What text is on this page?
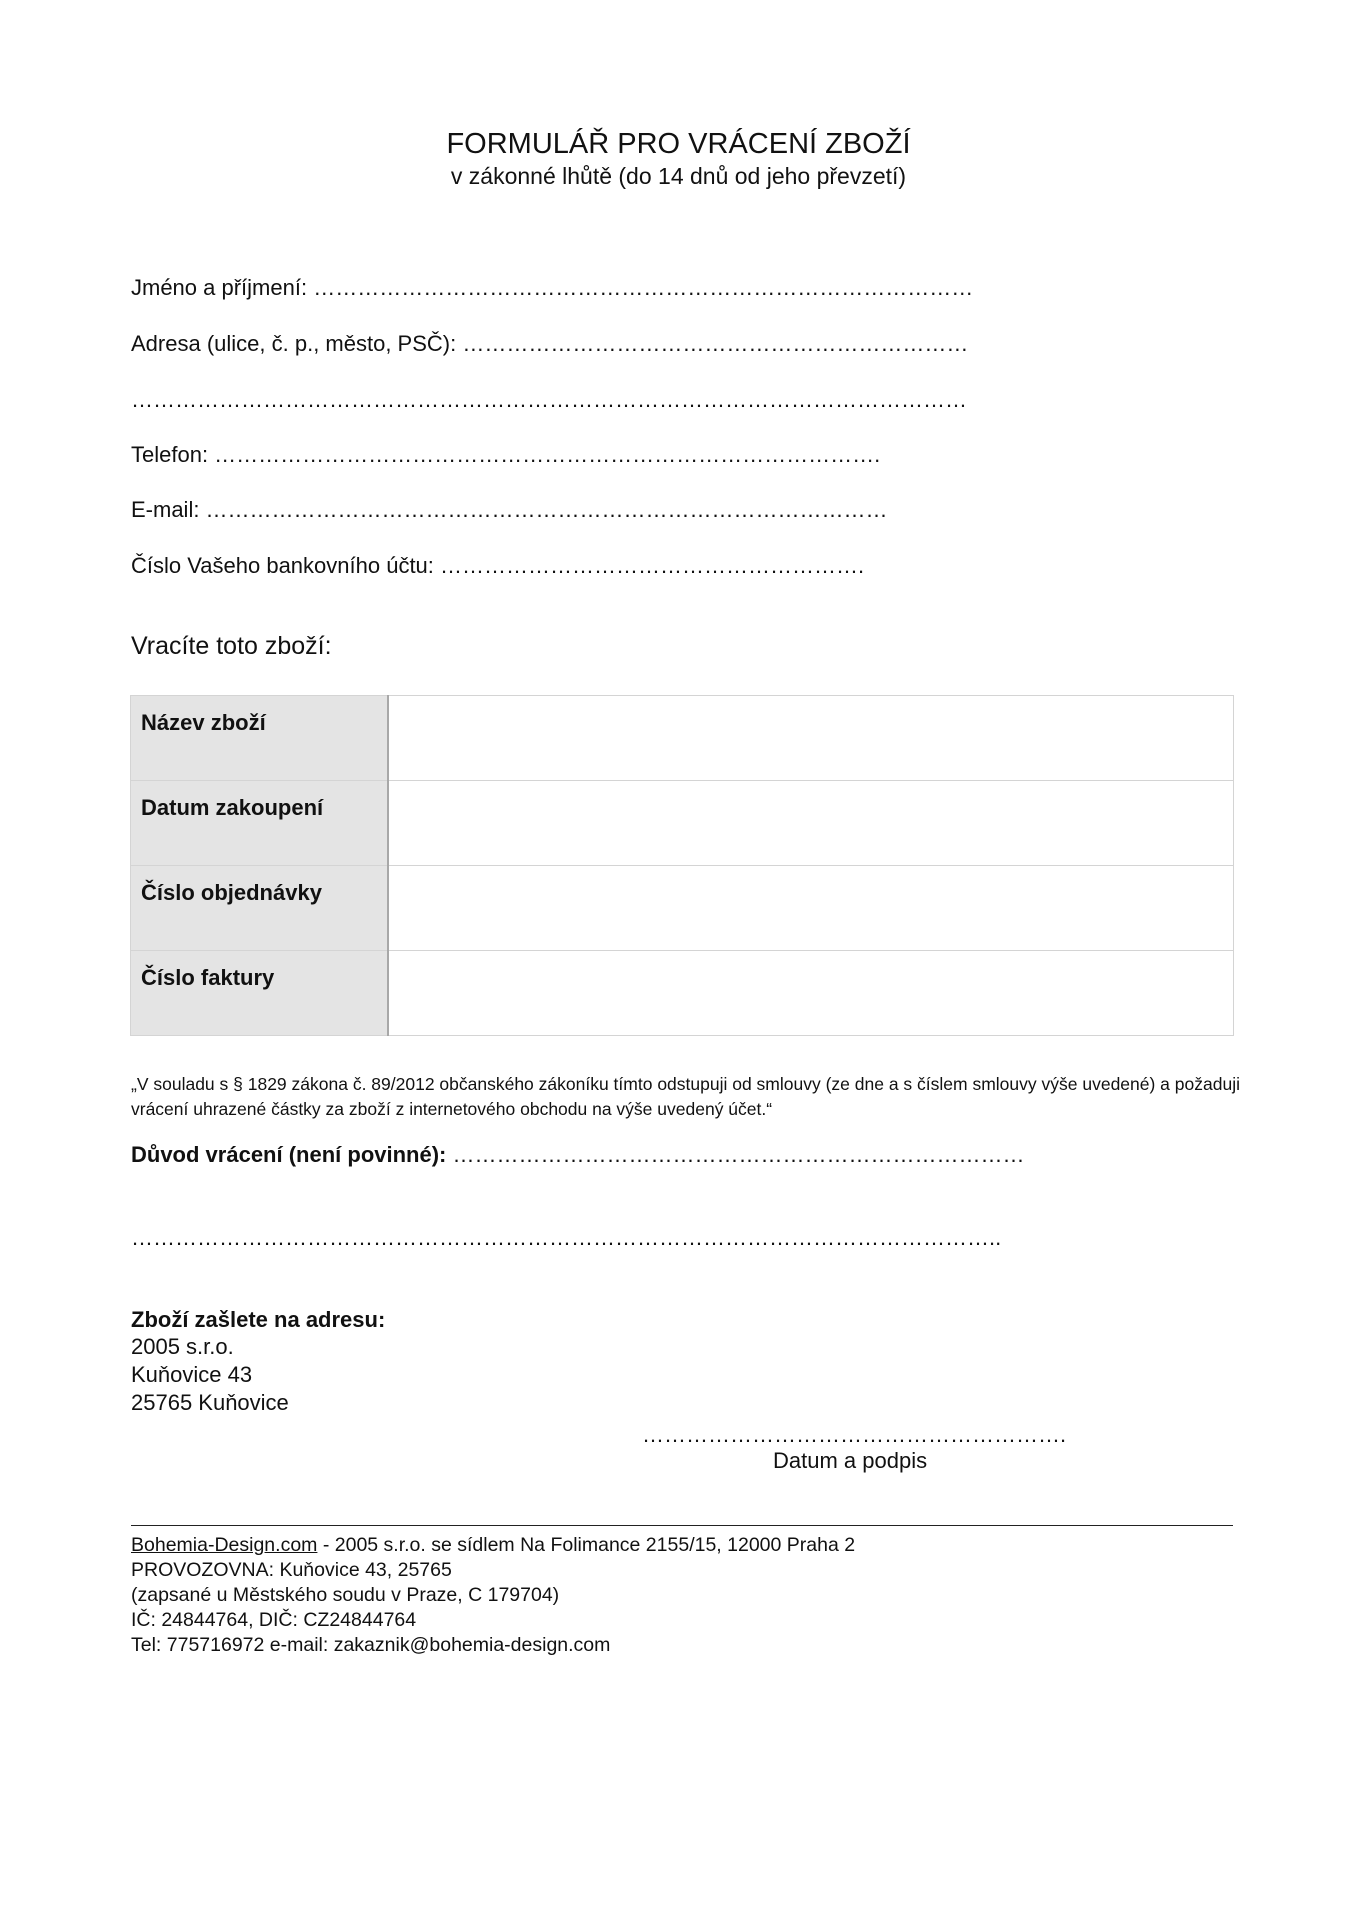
FORMULÁŘ PRO VRÁCENÍ ZBOŽÍ
v zákonné lhůtě (do 14 dnů od jeho převzetí)
Jméno a příjmení: ………………………………………………………………………………
Adresa (ulice, č. p., město, PSČ): ……………………………………………………………
……………………………………………………………………………………………………
Telefon: ……………………………………………………………………………….
E-mail: …………………………………………………………………………………
Číslo Vašeho bankovního účtu: ………………………………………………….
Vracíte toto zboží:
Název zboží	
Datum zakoupení	
Číslo objednávky	
Číslo faktury	
„V souladu s § 1829 zákona č. 89/2012 občanského zákoníku tímto odstupuji od smlouvy (ze dne a s číslem smlouvy výše uvedené) a požaduji vrácení uhrazené částky za zboží z internetového obchodu na výše uvedený účet.“
Důvod vrácení (není povinné): ……………………………………………………………………
………………………………………………………………………………………………………..
Zboží zašlete na adresu:
2005 s.r.o.
Kuňovice 43
25765 Kuňovice
………………………………………………….
Datum a podpis
Bohemia-Design.com - 2005 s.r.o. se sídlem Na Folimance 2155/15, 12000 Praha 2
PROVOZOVNA: Kuňovice 43, 25765
(zapsané u Městského soudu v Praze, C 179704)
IČ: 24844764, DIČ: CZ24844764
Tel: 775716972 e-mail: zakaznik@bohemia-design.com
